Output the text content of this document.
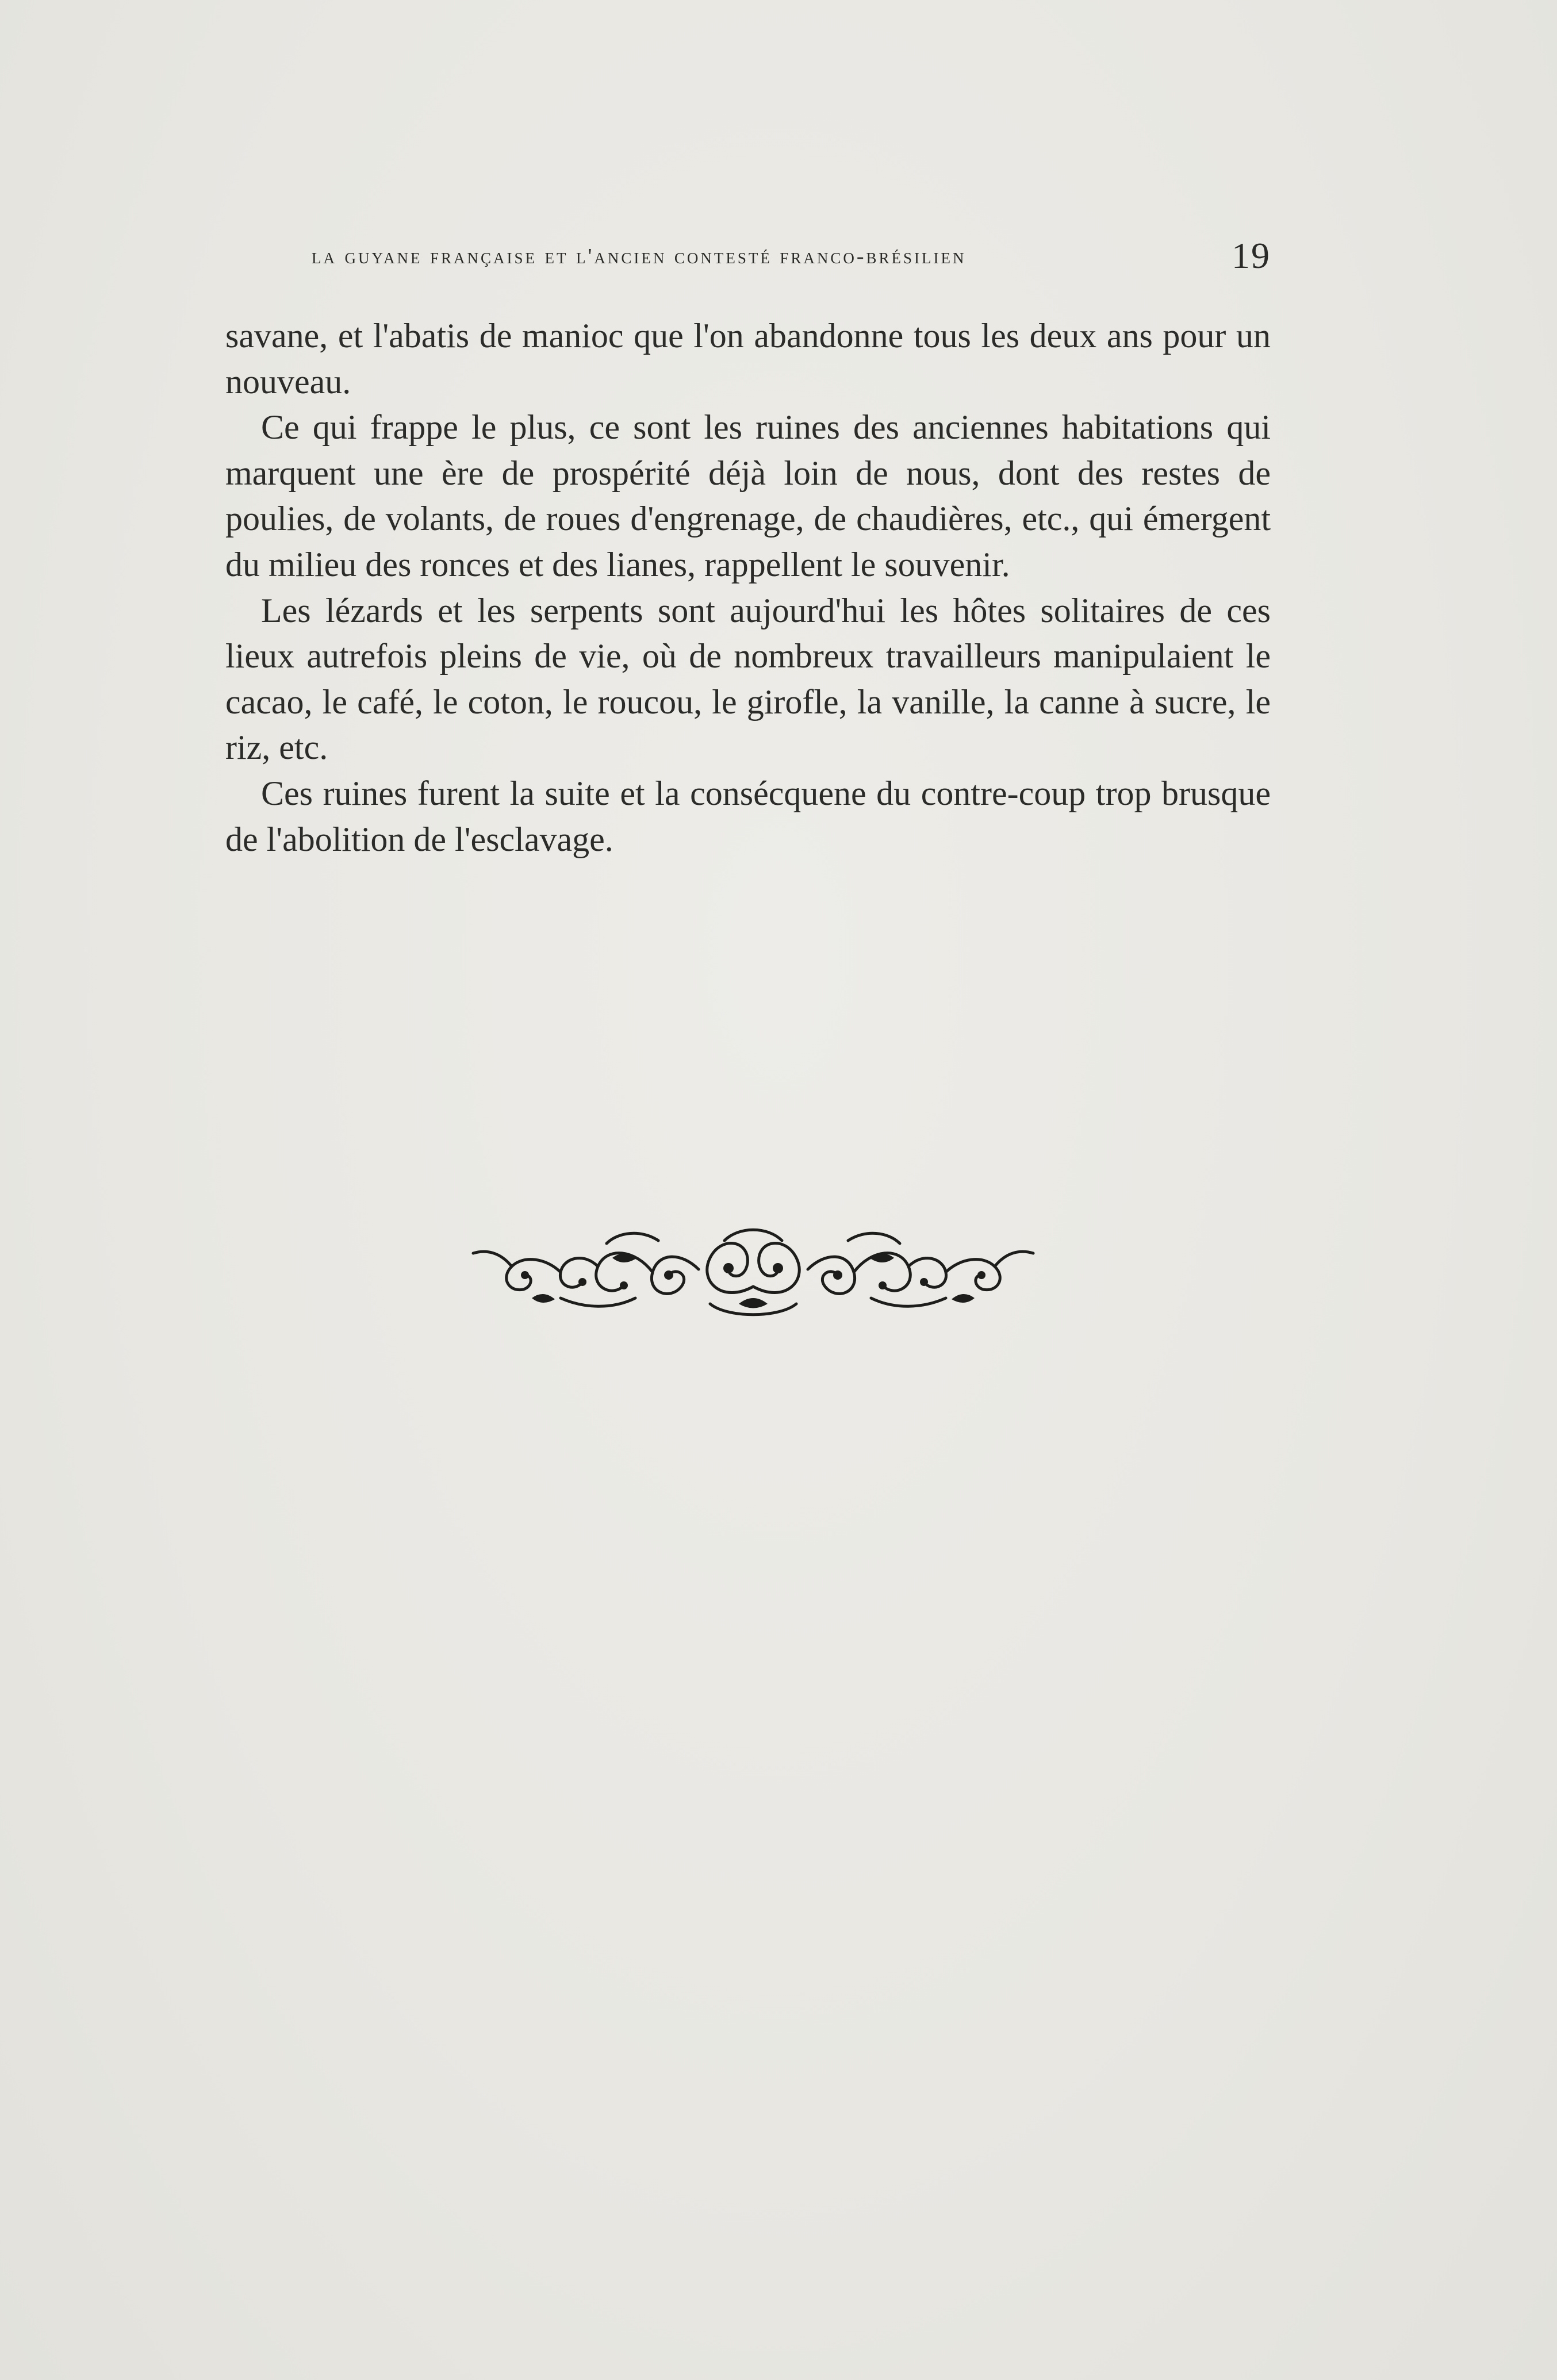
la guyane française et l'ancien contesté franco-brésilien	19

savane, et l'abatis de manioc que l'on abandonne tous les deux ans pour un nouveau.

Ce qui frappe le plus, ce sont les ruines des anciennes habitations qui marquent une ère de prospérité déjà loin de nous, dont des restes de poulies, de volants, de roues d'engrenage, de chaudières, etc., qui émergent du milieu des ronces et des lianes, rappellent le souvenir.

Les lézards et les serpents sont aujourd'hui les hôtes solitaires de ces lieux autrefois pleins de vie, où de nombreux travailleurs manipulaient le cacao, le café, le coton, le roucou, le girofle, la vanille, la canne à sucre, le riz, etc.

Ces ruines furent la suite et la consécquene du contre-coup trop brusque de l'abolition de l'esclavage.
